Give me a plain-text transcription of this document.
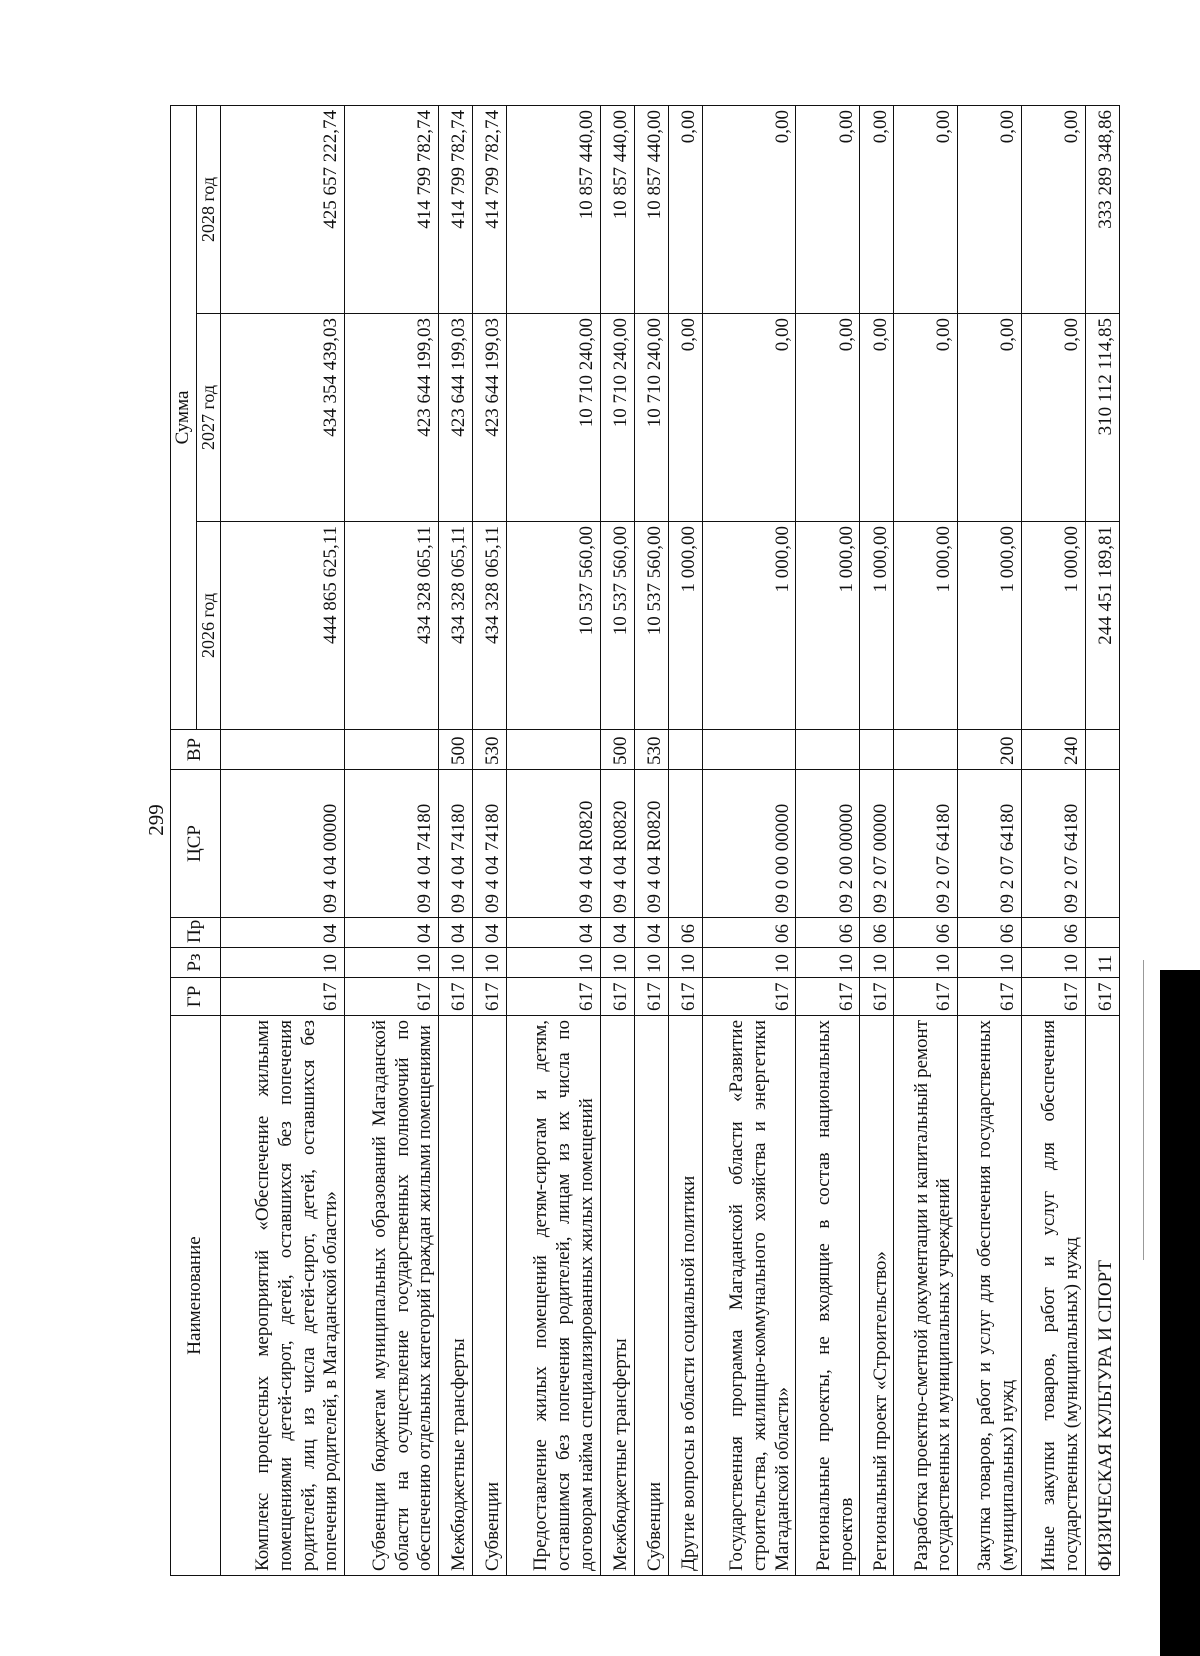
299
Наименование	ГР	Рз	Пр	ЦСР	ВР	Сумма		
						2026 год	2027 год	2028 год
Комплекс процессных мероприятий «Обеспечение жильыми помещениями детей-сирот, детей, оставшихся без попечения родителей, лиц из числа детей-сирот, детей, оставшихся без попечения родителей, в Магаданской области»	617	10	04	09 4 04 00000		444 865 625,11	434 354 439,03	425 657 222,74
Субвенции бюджетам муниципальных образований Магаданской области на осуществление государственных полномочий по обеспечению отдельных категорий граждан жилыми помещениями	617	10	04	09 4 04 74180		434 328 065,11	423 644 199,03	414 799 782,74
Межбюджетные трансферты	617	10	04	09 4 04 74180	500	434 328 065,11	423 644 199,03	414 799 782,74
Субвенции	617	10	04	09 4 04 74180	530	434 328 065,11	423 644 199,03	414 799 782,74
Предоставление жилых помещений детям-сиротам и детям, оставшимся без попечения родителей, лицам из их числа по договорам найма специализированных жилых помещений	617	10	04	09 4 04 R0820		10 537 560,00	10 710 240,00	10 857 440,00
Межбюджетные трансферты	617	10	04	09 4 04 R0820	500	10 537 560,00	10 710 240,00	10 857 440,00
Субвенции	617	10	04	09 4 04 R0820	530	10 537 560,00	10 710 240,00	10 857 440,00
Другие вопросы в области социальной политики	617	10	06			1 000,00	0,00	0,00
Государственная программа Магаданской области «Развитие строительства, жилищно-коммунального хозяйства и энергетики Магаданской области»	617	10	06	09 0 00 00000		1 000,00	0,00	0,00
Региональные проекты, не входящие в состав национальных проектов	617	10	06	09 2 00 00000		1 000,00	0,00	0,00
Региональный проект «Строительство»	617	10	06	09 2 07 00000		1 000,00	0,00	0,00
Разработка проектно-сметной документации и капитальный ремонт государственных и муниципальных учреждений	617	10	06	09 2 07 64180		1 000,00	0,00	0,00
Закупка товаров, работ и услуг для обеспечения государственных (муниципальных) нужд	617	10	06	09 2 07 64180	200	1 000,00	0,00	0,00
Иные закупки товаров, работ и услуг для обеспечения государственных (муниципальных) нужд	617	10	06	09 2 07 64180	240	1 000,00	0,00	0,00
ФИЗИЧЕСКАЯ КУЛЬТУРА И СПОРТ	617	11				244 451 189,81	310 112 114,85	333 289 348,86
